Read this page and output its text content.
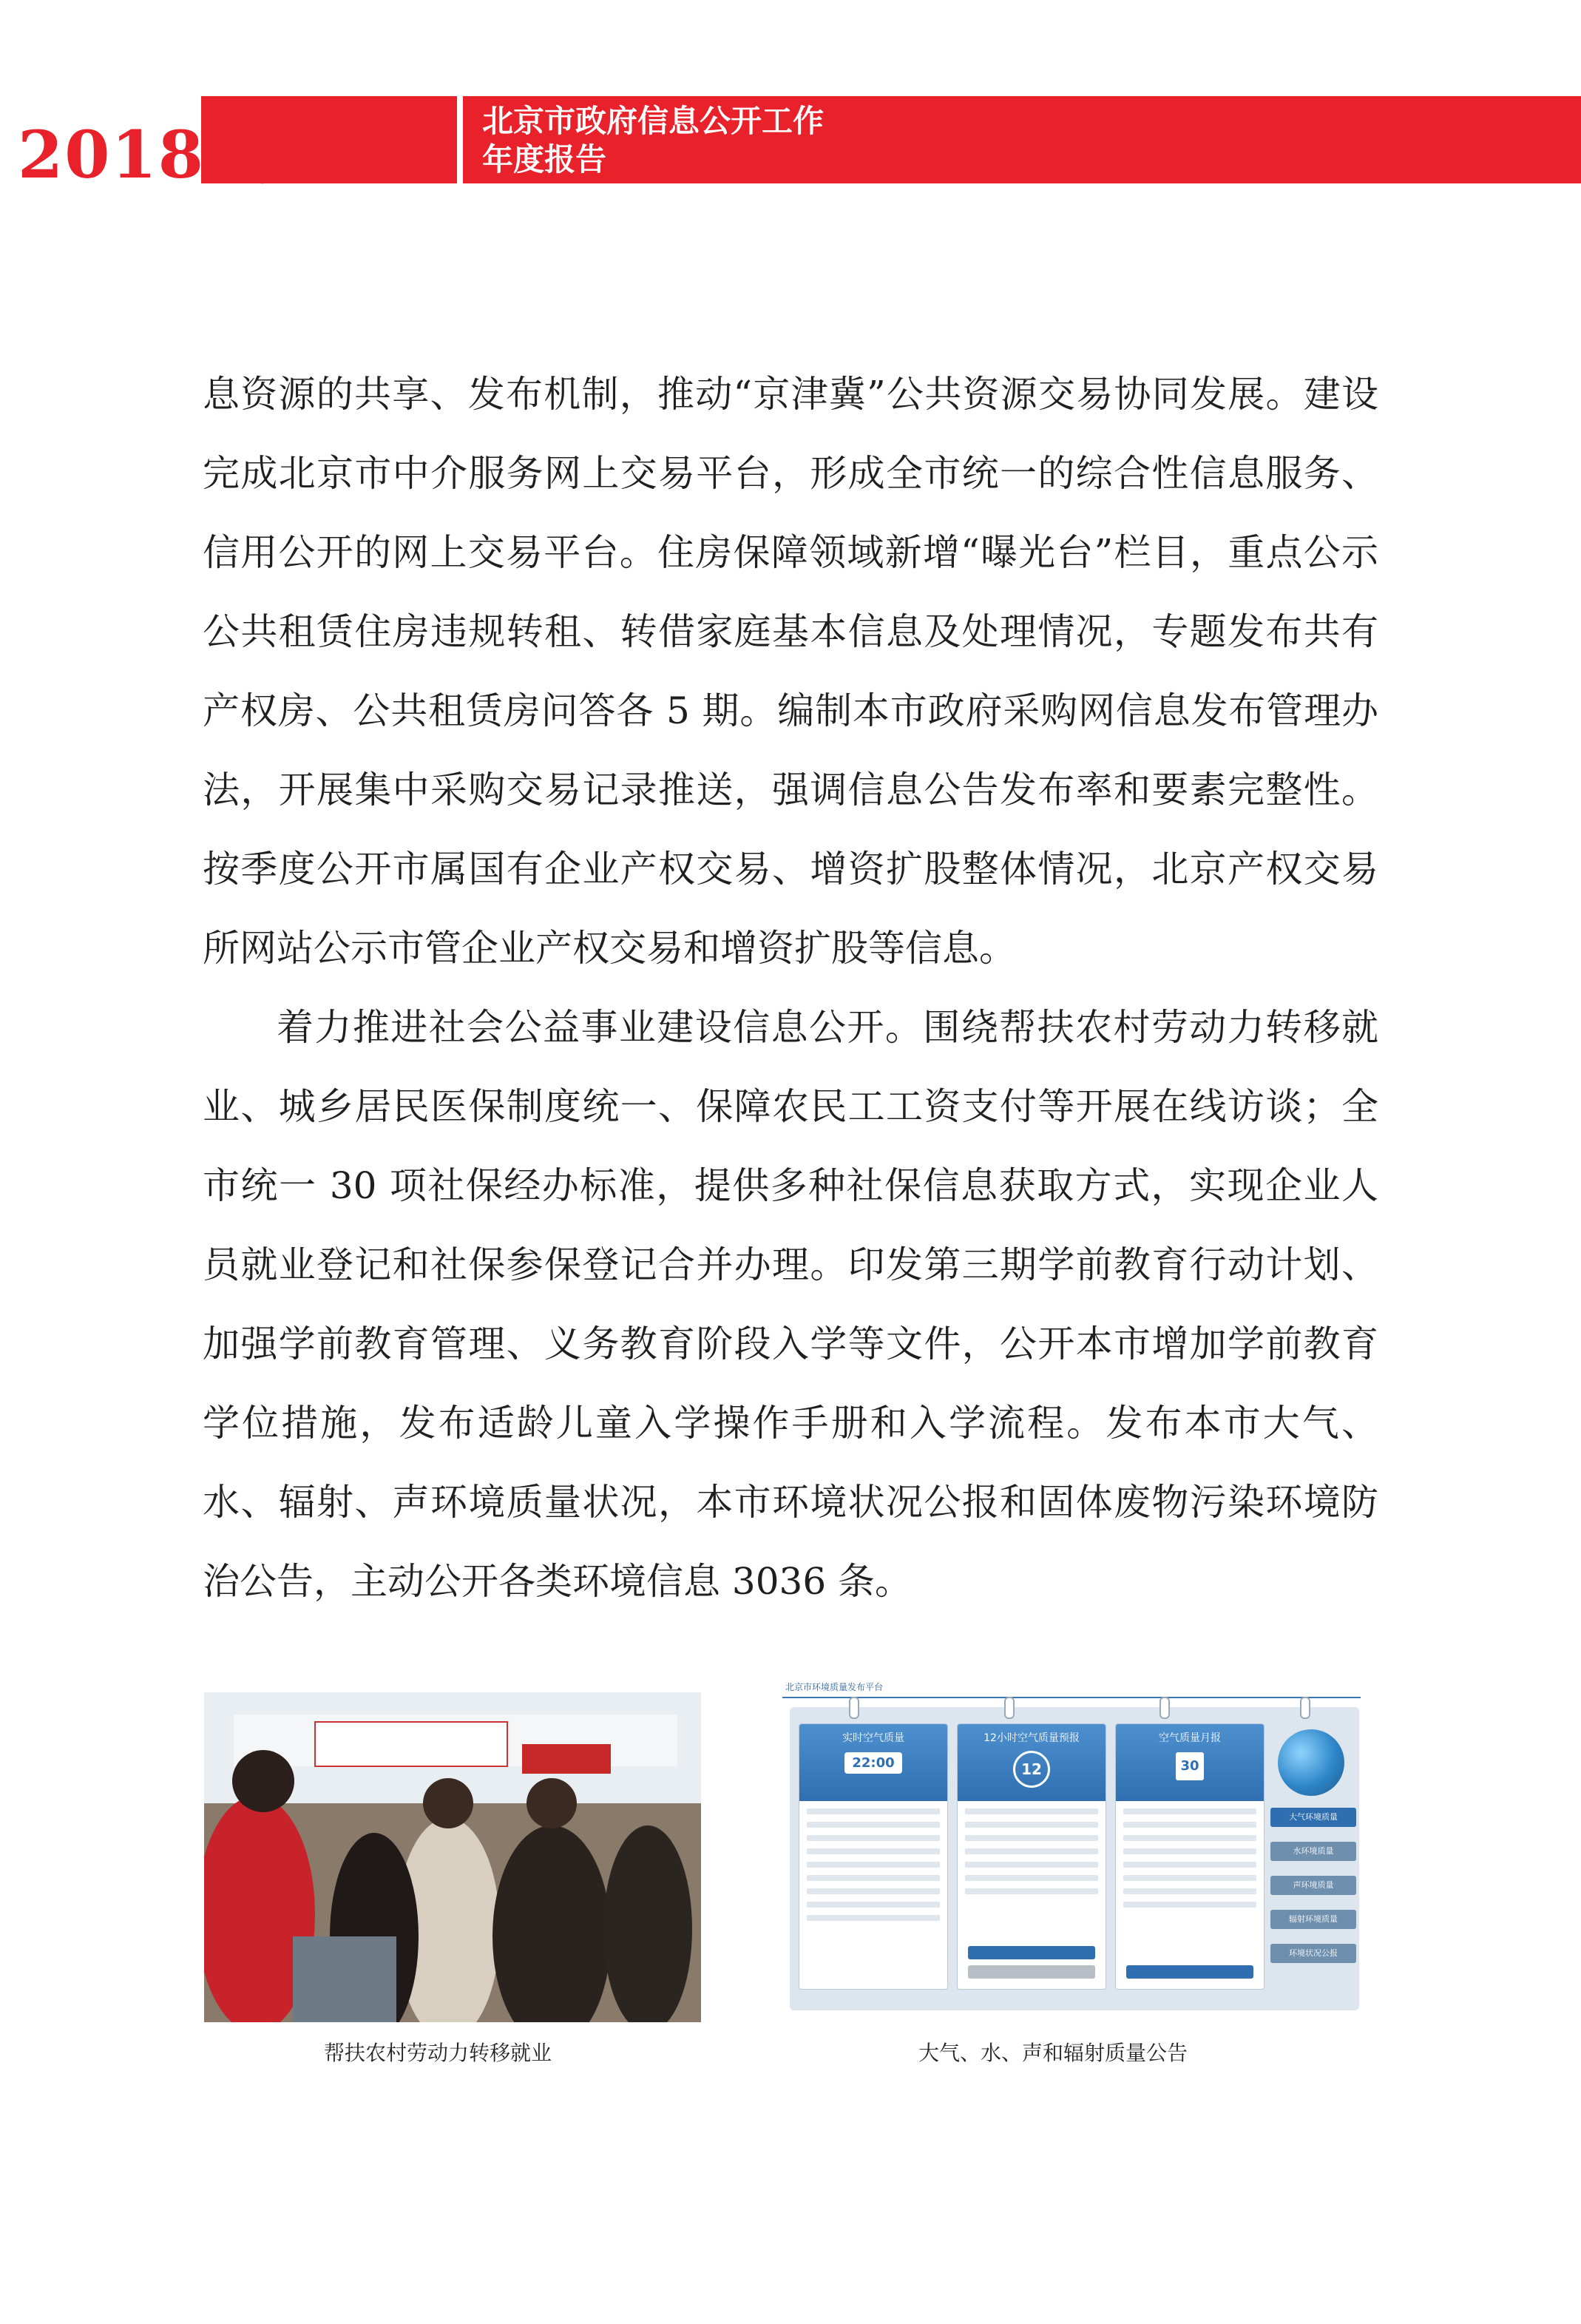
2018 年	北京市政府信息公开工作
年度报告

息资源的共享、发布机制，推动“京津冀”公共资源交易协同发展。建设完成北京市中介服务网上交易平台，形成全市统一的综合性信息服务、信用公开的网上交易平台。住房保障领域新增“曝光台”栏目，重点公示公共租赁住房违规转租、转借家庭基本信息及处理情况，专题发布共有产权房、公共租赁房问答各 5 期。编制本市政府采购网信息发布管理办法，开展集中采购交易记录推送，强调信息公告发布率和要素完整性。按季度公开市属国有企业产权交易、增资扩股整体情况，北京产权交易所网站公示市管企业产权交易和增资扩股等信息。

着力推进社会公益事业建设信息公开。围绕帮扶农村劳动力转移就业、城乡居民医保制度统一、保障农民工工资支付等开展在线访谈；全市统一 30 项社保经办标准，提供多种社保信息获取方式，实现企业人员就业登记和社保参保登记合并办理。印发第三期学前教育行动计划、加强学前教育管理、义务教育阶段入学等文件，公开本市增加学前教育学位措施，发布适龄儿童入学操作手册和入学流程。发布本市大气、水、辐射、声环境质量状况，本市环境状况公报和固体废物污染环境防治公告，主动公开各类环境信息 3036 条。

帮扶农村劳动力转移就业
北京市环境质量发布平台
实时空气质量
22:00
12小时空气质量预报
12
空气质量月报
30
大气环境质量
水环境质量
声环境质量
辐射环境质量
环境状况公报
大气、水、声和辐射质量公告
